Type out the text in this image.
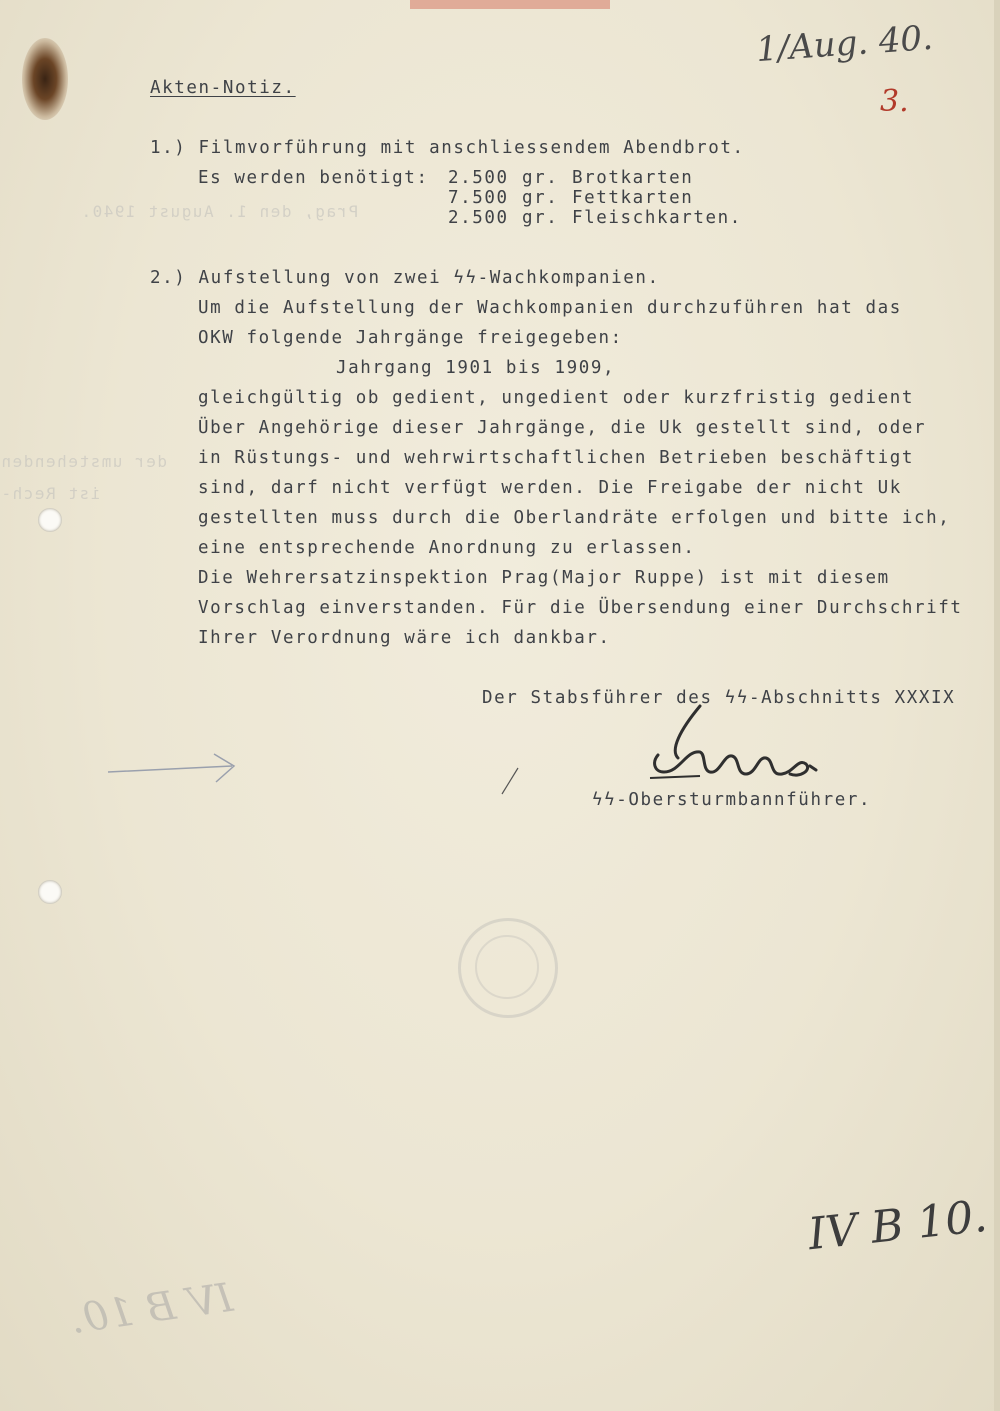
Prag, den 1. August 1940.
der umstehenden
ist Rech-
1/Aug. 40.
3.
IV B 10.
IV B 10.
Akten-Notiz.
1.) Filmvorführung mit anschliessendem Abendbrot.
Es werden benötigt: 2.500 gr. Brotkarten
7.500 gr. Fettkarten
2.500 gr. Fleischkarten.
2.) Aufstellung von zwei ϟϟ-Wachkompanien.
Um die Aufstellung der Wachkompanien durchzuführen hat das
OKW folgende Jahrgänge freigegeben:
Jahrgang 1901 bis 1909,
gleichgültig ob gedient, ungedient oder kurzfristig gedient
Über Angehörige dieser Jahrgänge, die Uk gestellt sind, oder
in Rüstungs- und wehrwirtschaftlichen Betrieben beschäftigt
sind, darf nicht verfügt werden. Die Freigabe der nicht Uk
gestellten muss durch die Oberlandräte erfolgen und bitte ich,
eine entsprechende Anordnung zu erlassen.
Die Wehrersatzinspektion Prag(Major Ruppe) ist mit diesem
Vorschlag einverstanden. Für die Übersendung einer Durchschrift
Ihrer Verordnung wäre ich dankbar.
Der Stabsführer des ϟϟ-Abschnitts XXXIX
ϟϟ-Obersturmbannführer.
